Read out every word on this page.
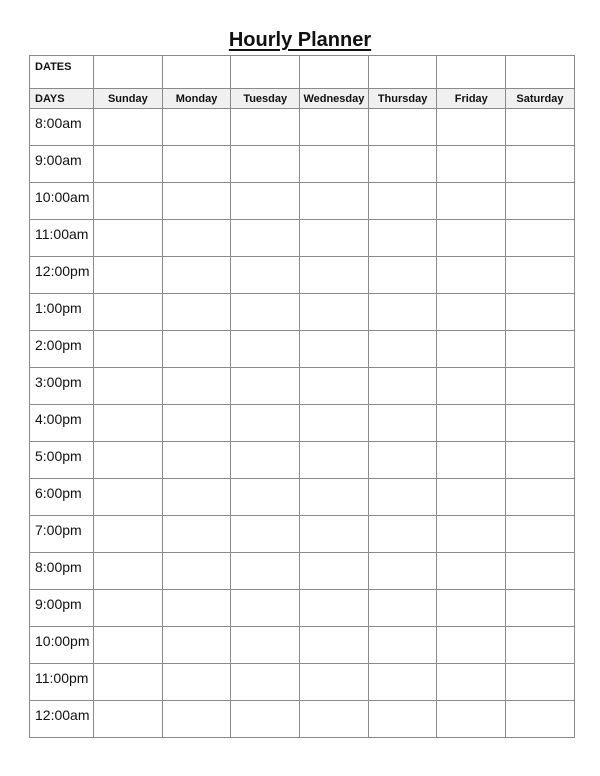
Hourly Planner
DATES							
DAYS	Sunday	Monday	Tuesday	Wednesday	Thursday	Friday	Saturday
8:00am							
9:00am							
10:00am							
11:00am							
12:00pm							
1:00pm							
2:00pm							
3:00pm							
4:00pm							
5:00pm							
6:00pm							
7:00pm							
8:00pm							
9:00pm							
10:00pm							
11:00pm							
12:00am							
